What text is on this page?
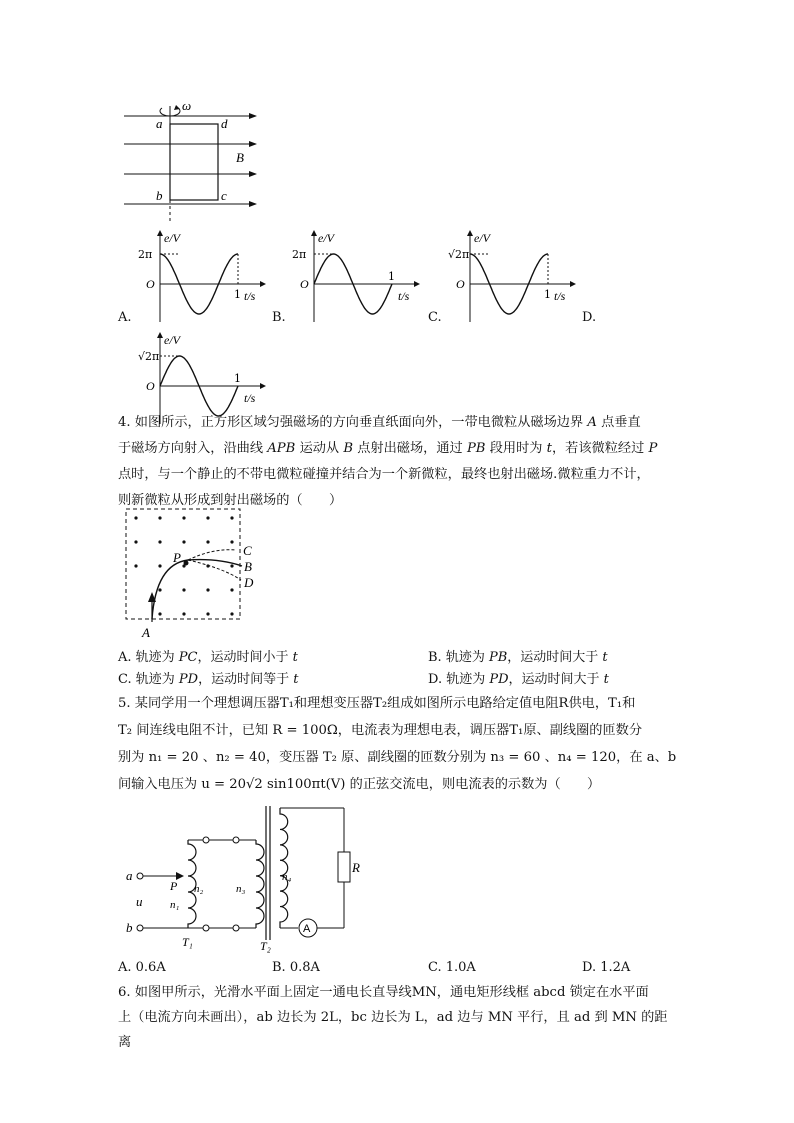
ω
a	d
b	c
B
e/V
2π
O
1 t/s
A.
e/V
2π
O
1
t/s
B.
e/V
√2π
O
1 t/s
C.
e/V
√2π
O
1
t/s
D.
4. 如图所示，正方形区域匀强磁场的方向垂直纸面向外，一带电微粒从磁场边界 A 点垂直
于磁场方向射入，沿曲线 APB 运动从 B 点射出磁场，通过 PB 段用时为 t，若该微粒经过 P
点时，与一个静止的不带电微粒碰撞并结合为一个新微粒，最终也射出磁场.微粒重力不计，
则新微粒从形成到射出磁场的（　　）
P	C
B
D
A
A. 轨迹为 PC，运动时间小于 t	B. 轨迹为 PB，运动时间大于 t
C. 轨迹为 PD，运动时间等于 t	D. 轨迹为 PD，运动时间大于 t
5. 某同学用一个理想调压器T₁和理想变压器T₂组成如图所示电路给定值电阻R供电，T₁和
T₂ 间连线电阻不计，已知 R = 100Ω，电流表为理想电表，调压器T₁原、副线圈的匝数分
别为 n₁ = 20 、n₂ = 40，变压器 T₂ 原、副线圈的匝数分别为 n₃ = 60 、n₄ = 120，在 a、b
间输入电压为 u = 20√2 sin100πt(V) 的正弦交流电，则电流表的示数为（　　）
A
a
b
u
P n₂
n₁
n₃
n₄
T₁	T₂
R
A. 0.6A	B. 0.8A	C. 1.0A	D. 1.2A
6. 如图甲所示，光滑水平面上固定一通电长直导线MN，通电矩形线框 abcd 锁定在水平面
上（电流方向未画出），ab 边长为 2L，bc 边长为 L，ad 边与 MN 平行，且 ad 到 MN 的距离
